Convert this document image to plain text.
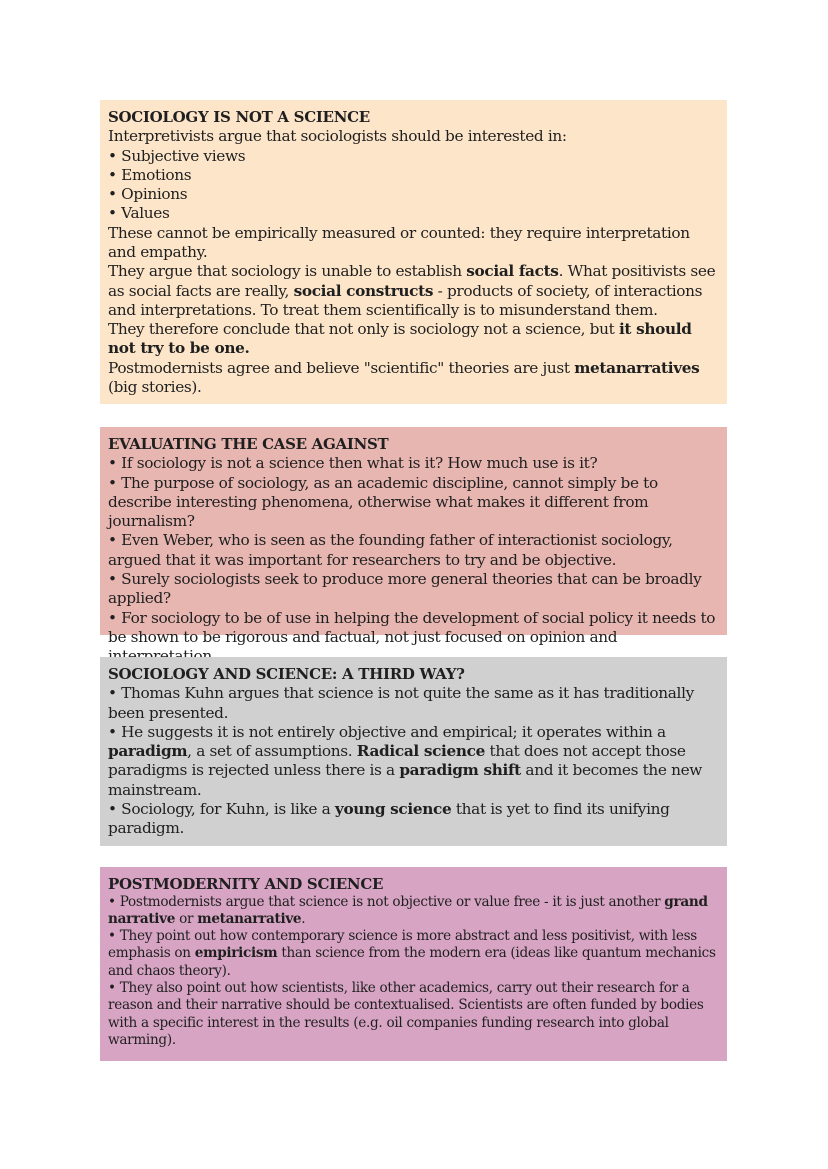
SOCIOLOGY IS NOT A SCIENCE

Interpretivists argue that sociologists should be interested in:

• Subjective views

• Emotions

• Opinions

• Values

These cannot be empirically measured or counted: they require interpretation and empathy.

They argue that sociology is unable to establish social facts. What positivists see as social facts are really, social constructs - products of society, of interactions and interpretations. To treat them scientifically is to misunderstand them.

They therefore conclude that not only is sociology not a science, but it should not try to be one.

Postmodernists agree and believe "scientific" theories are just metanarratives (big stories).

EVALUATING THE CASE AGAINST

• If sociology is not a science then what is it? How much use is it?

• The purpose of sociology, as an academic discipline, cannot simply be to describe interesting phenomena, otherwise what makes it different from journalism?

• Even Weber, who is seen as the founding father of interactionist sociology, argued that it was important for researchers to try and be objective.

• Surely sociologists seek to produce more general theories that can be broadly applied?

• For sociology to be of use in helping the development of social policy it needs to be shown to be rigorous and factual, not just focused on opinion and

SOCIOLOGY AND SCIENCE: A THIRD WAY?

• Thomas Kuhn argues that science is not quite the same as it has traditionally been presented.

• He suggests it is not entirely objective and empirical; it operates within a paradigm, a set of assumptions. Radical science that does not accept those paradigms is rejected unless there is a paradigm shift and it becomes the new mainstream.

• Sociology, for Kuhn, is like a young science that is yet to find its unifying paradigm.

POSTMODERNITY AND SCIENCE

• Postmodernists argue that science is not objective or value free - it is just another grand narrative or metanarrative.

• They point out how contemporary science is more abstract and less positivist, with less emphasis on empiricism than science from the modern era (ideas like quantum mechanics and chaos theory).

• They also point out how scientists, like other academics, carry out their research for a reason and their narrative should be contextualised. Scientists are often funded by bodies with a specific interest in the results (e.g. oil companies funding research into global warming).
